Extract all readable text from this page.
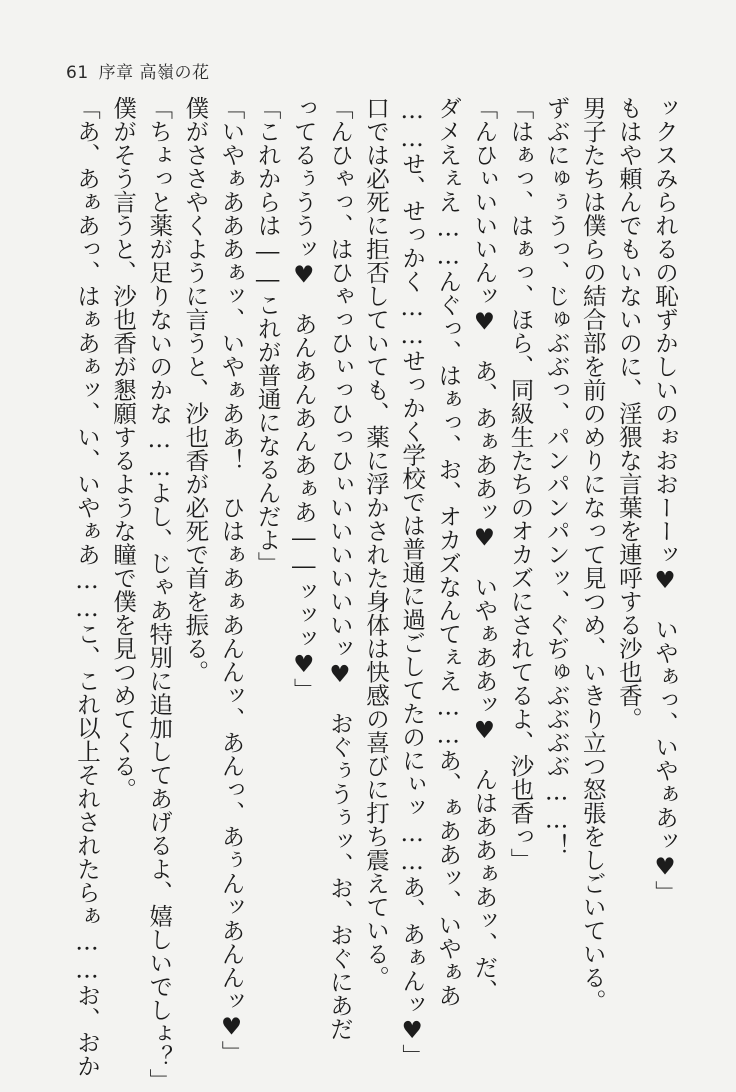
61 序章 高嶺の花
ックスみられるの恥ずかしいのぉおおーーッ♥　いやぁっ、いやぁあッ♥」
もはや頼んでもいないのに、淫猥な言葉を連呼する沙也香。
男子たちは僕らの結合部を前のめりになって見つめ、いきり立つ怒張をしごいている。
ずぶにゅぅうっ、じゅぶぶっ、パンパンパンッ、ぐぢゅぶぶぶぶ……！
「はぁっ、はぁっ、ほら、同級生たちのオカズにされてるよ、沙也香っ」
「んひぃいいいんッ♥　あ、あぁああッ♥　いやぁああッ♥　んはああぁあッ、だ、
ダメえぇえ……んぐっ、はぁっ、お、オカズなんてぇえ……あ、ぁああッ、いやぁあ
……せ、せっかく……せっかく学校では普通に過ごしてたのにぃッ……あ、あぁんッ♥」
口では必死に拒否していても、薬に浮かされた身体は快感の喜びに打ち震えている。
「んひゃっ、はひゃっひぃっひっひぃいいいいいいッ♥　おぐぅうぅッ、お、おぐにあだ
ってるぅううッ♥　あんあんあんあぁあ――ッッッ♥」
「これからは――これが普通になるんだよ」
「いやぁあああぁッ、いやぁああ！　ひはぁあぁあんんッ、あんっ、あぅんッあんんッ♥」
僕がささやくように言うと、沙也香が必死で首を振る。
「ちょっと薬が足りないのかな……よし、じゃあ特別に追加してあげるよ、嬉しいでしょ？」
僕がそう言うと、沙也香が懇願するような瞳で僕を見つめてくる。
「あ、あぁあっ、はぁあぁッ、い、いやぁあ……こ、これ以上それされたらぁ……お、おか
